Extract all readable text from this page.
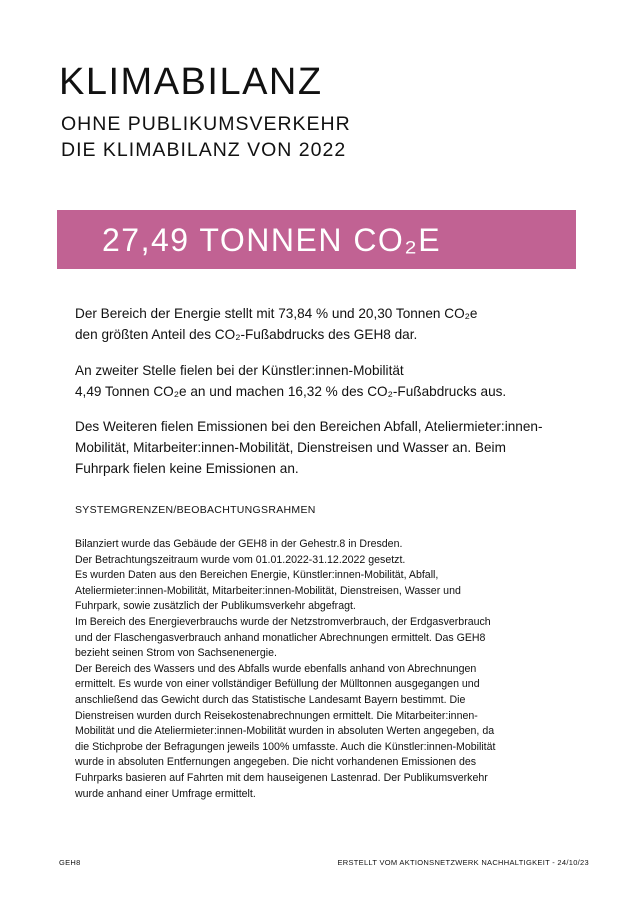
KLIMABILANZ
OHNE PUBLIKUMSVERKEHR
DIE KLIMABILANZ VON 2022
27,49 TONNEN CO₂E

Der Bereich der Energie stellt mit 73,84 % und 20,30 Tonnen CO₂e
den größten Anteil des CO₂-Fußabdrucks des GEH8 dar.

An zweiter Stelle fielen bei der Künstler:innen-Mobilität
4,49 Tonnen CO₂e an und machen 16,32 % des CO₂-Fußabdrucks aus.

Des Weiteren fielen Emissionen bei den Bereichen Abfall, Ateliermieter:innen-
Mobilität, Mitarbeiter:innen-Mobilität, Dienstreisen und Wasser an. Beim
Fuhrpark fielen keine Emissionen an.

SYSTEMGRENZEN/BEOBACHTUNGSRAHMEN

Bilanziert wurde das Gebäude der GEH8 in der Gehestr.8 in Dresden.
Der Betrachtungszeitraum wurde vom 01.01.2022-31.12.2022 gesetzt.
Es wurden Daten aus den Bereichen Energie, Künstler:innen-Mobilität, Abfall,
Ateliermieter:innen-Mobilität, Mitarbeiter:innen-Mobilität, Dienstreisen, Wasser und
Fuhrpark, sowie zusätzlich der Publikumsverkehr abgefragt.
Im Bereich des Energieverbrauchs wurde der Netzstromverbrauch, der Erdgasverbrauch
und der Flaschengasverbrauch anhand monatlicher Abrechnungen ermittelt. Das GEH8
bezieht seinen Strom von Sachsenenergie.
Der Bereich des Wassers und des Abfalls wurde ebenfalls anhand von Abrechnungen
ermittelt. Es wurde von einer vollständiger Befüllung der Mülltonnen ausgegangen und
anschließend das Gewicht durch das Statistische Landesamt Bayern bestimmt. Die
Dienstreisen wurden durch Reisekostenabrechnungen ermittelt. Die Mitarbeiter:innen-
Mobilität und die Ateliermieter:innen-Mobilität wurden in absoluten Werten angegeben, da
die Stichprobe der Befragungen jeweils 100% umfasste. Auch die Künstler:innen-Mobilität
wurde in absoluten Entfernungen angegeben. Die nicht vorhandenen Emissionen des
Fuhrparks basieren auf Fahrten mit dem hauseigenen Lastenrad. Der Publikumsverkehr
wurde anhand einer Umfrage ermittelt.

GEH8	ERSTELLT VOM AKTIONSNETZWERK NACHHALTIGKEIT - 24/10/23
